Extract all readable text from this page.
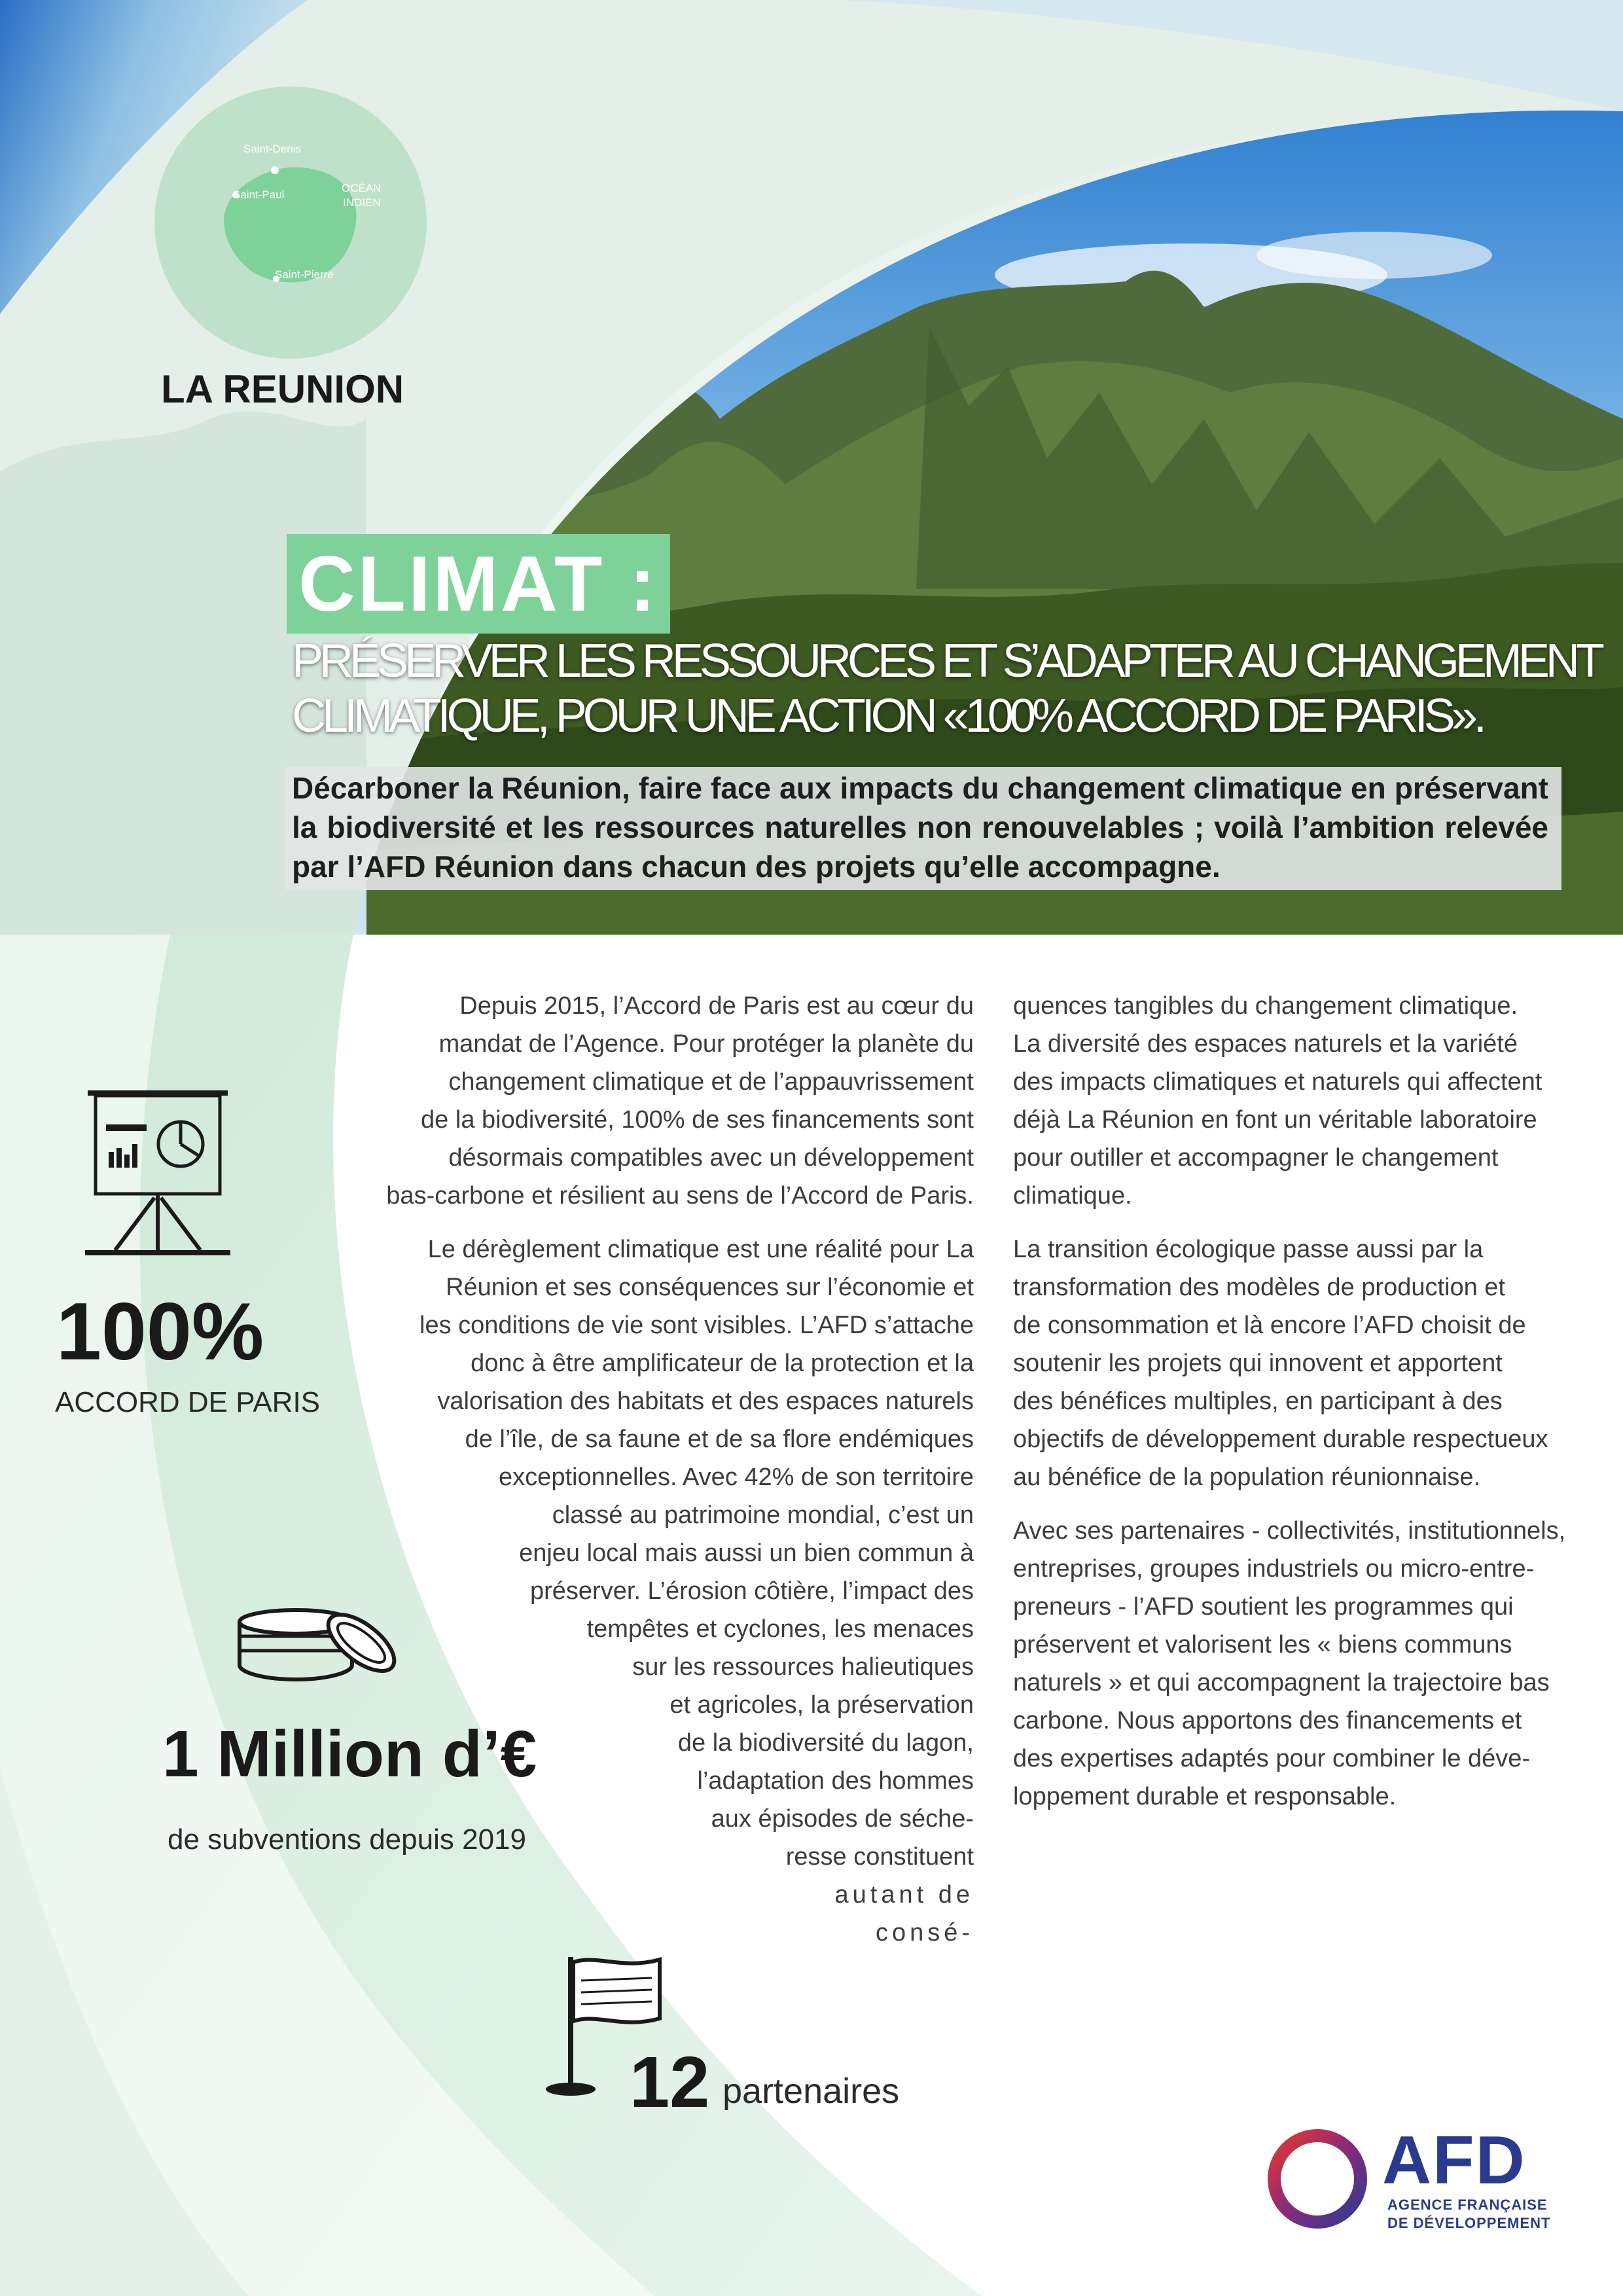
Saint-Denis
Saint-Paul
OCÉAN
INDIEN
Saint-Pierre
LA REUNION
CLIMAT :
PRÉSERVER LES RESSOURCES ET S’ADAPTER AU CHANGEMENT
CLIMATIQUE, POUR UNE ACTION «100% ACCORD DE PARIS».
Décarboner la Réunion, faire face aux impacts du changement climatique en préservant la biodiversité et les ressources naturelles non renouvelables ; voilà l’ambition relevée par l’AFD Réunion dans chacun des projets qu’elle accompagne.
Depuis 2015, l’Accord de Paris est au cœur du
mandat de l’Agence. Pour protéger la planète du
changement climatique et de l’appauvrissement
de la biodiversité, 100% de ses financements sont
désormais compatibles avec un développement
bas-carbone et résilient au sens de l’Accord de Paris.
Le dérèglement climatique est une réalité pour La
Réunion et ses conséquences sur l’économie et
les conditions de vie sont visibles. L’AFD s’attache
donc à être amplificateur de la protection et la
valorisation des habitats et des espaces naturels
de l’île, de sa faune et de sa flore endémiques
exceptionnelles. Avec 42% de son territoire
classé au patrimoine mondial, c’est un
enjeu local mais aussi un bien commun à
préserver. L’érosion côtière, l’impact des
tempêtes et cyclones, les menaces
sur les ressources halieutiques
et agricoles, la préservation
de la biodiversité du lagon,
l’adaptation des hommes
aux épisodes de séche-
resse constituent
autant de
consé-
quences tangibles du changement climatique.
La diversité des espaces naturels et la variété
des impacts climatiques et naturels qui affectent
déjà La Réunion en font un véritable laboratoire
pour outiller et accompagner le changement
climatique.
La transition écologique passe aussi par la
transformation des modèles de production et
de consommation et là encore l’AFD choisit de
soutenir les projets qui innovent et apportent
des bénéfices multiples, en participant à des
objectifs de développement durable respectueux
au bénéfice de la population réunionnaise.
Avec ses partenaires - collectivités, institutionnels,
entreprises, groupes industriels ou micro-entre-
preneurs - l’AFD soutient les programmes qui
préservent et valorisent les « biens communs
naturels » et qui accompagnent la trajectoire bas
carbone. Nous apportons des financements et
des expertises adaptés pour combiner le déve-
loppement durable et responsable.
100%
ACCORD DE PARIS
1 Million d’€
de subventions depuis 2019
12 partenaires
AFD
AGENCE FRANÇAISE
DE DÉVELOPPEMENT
